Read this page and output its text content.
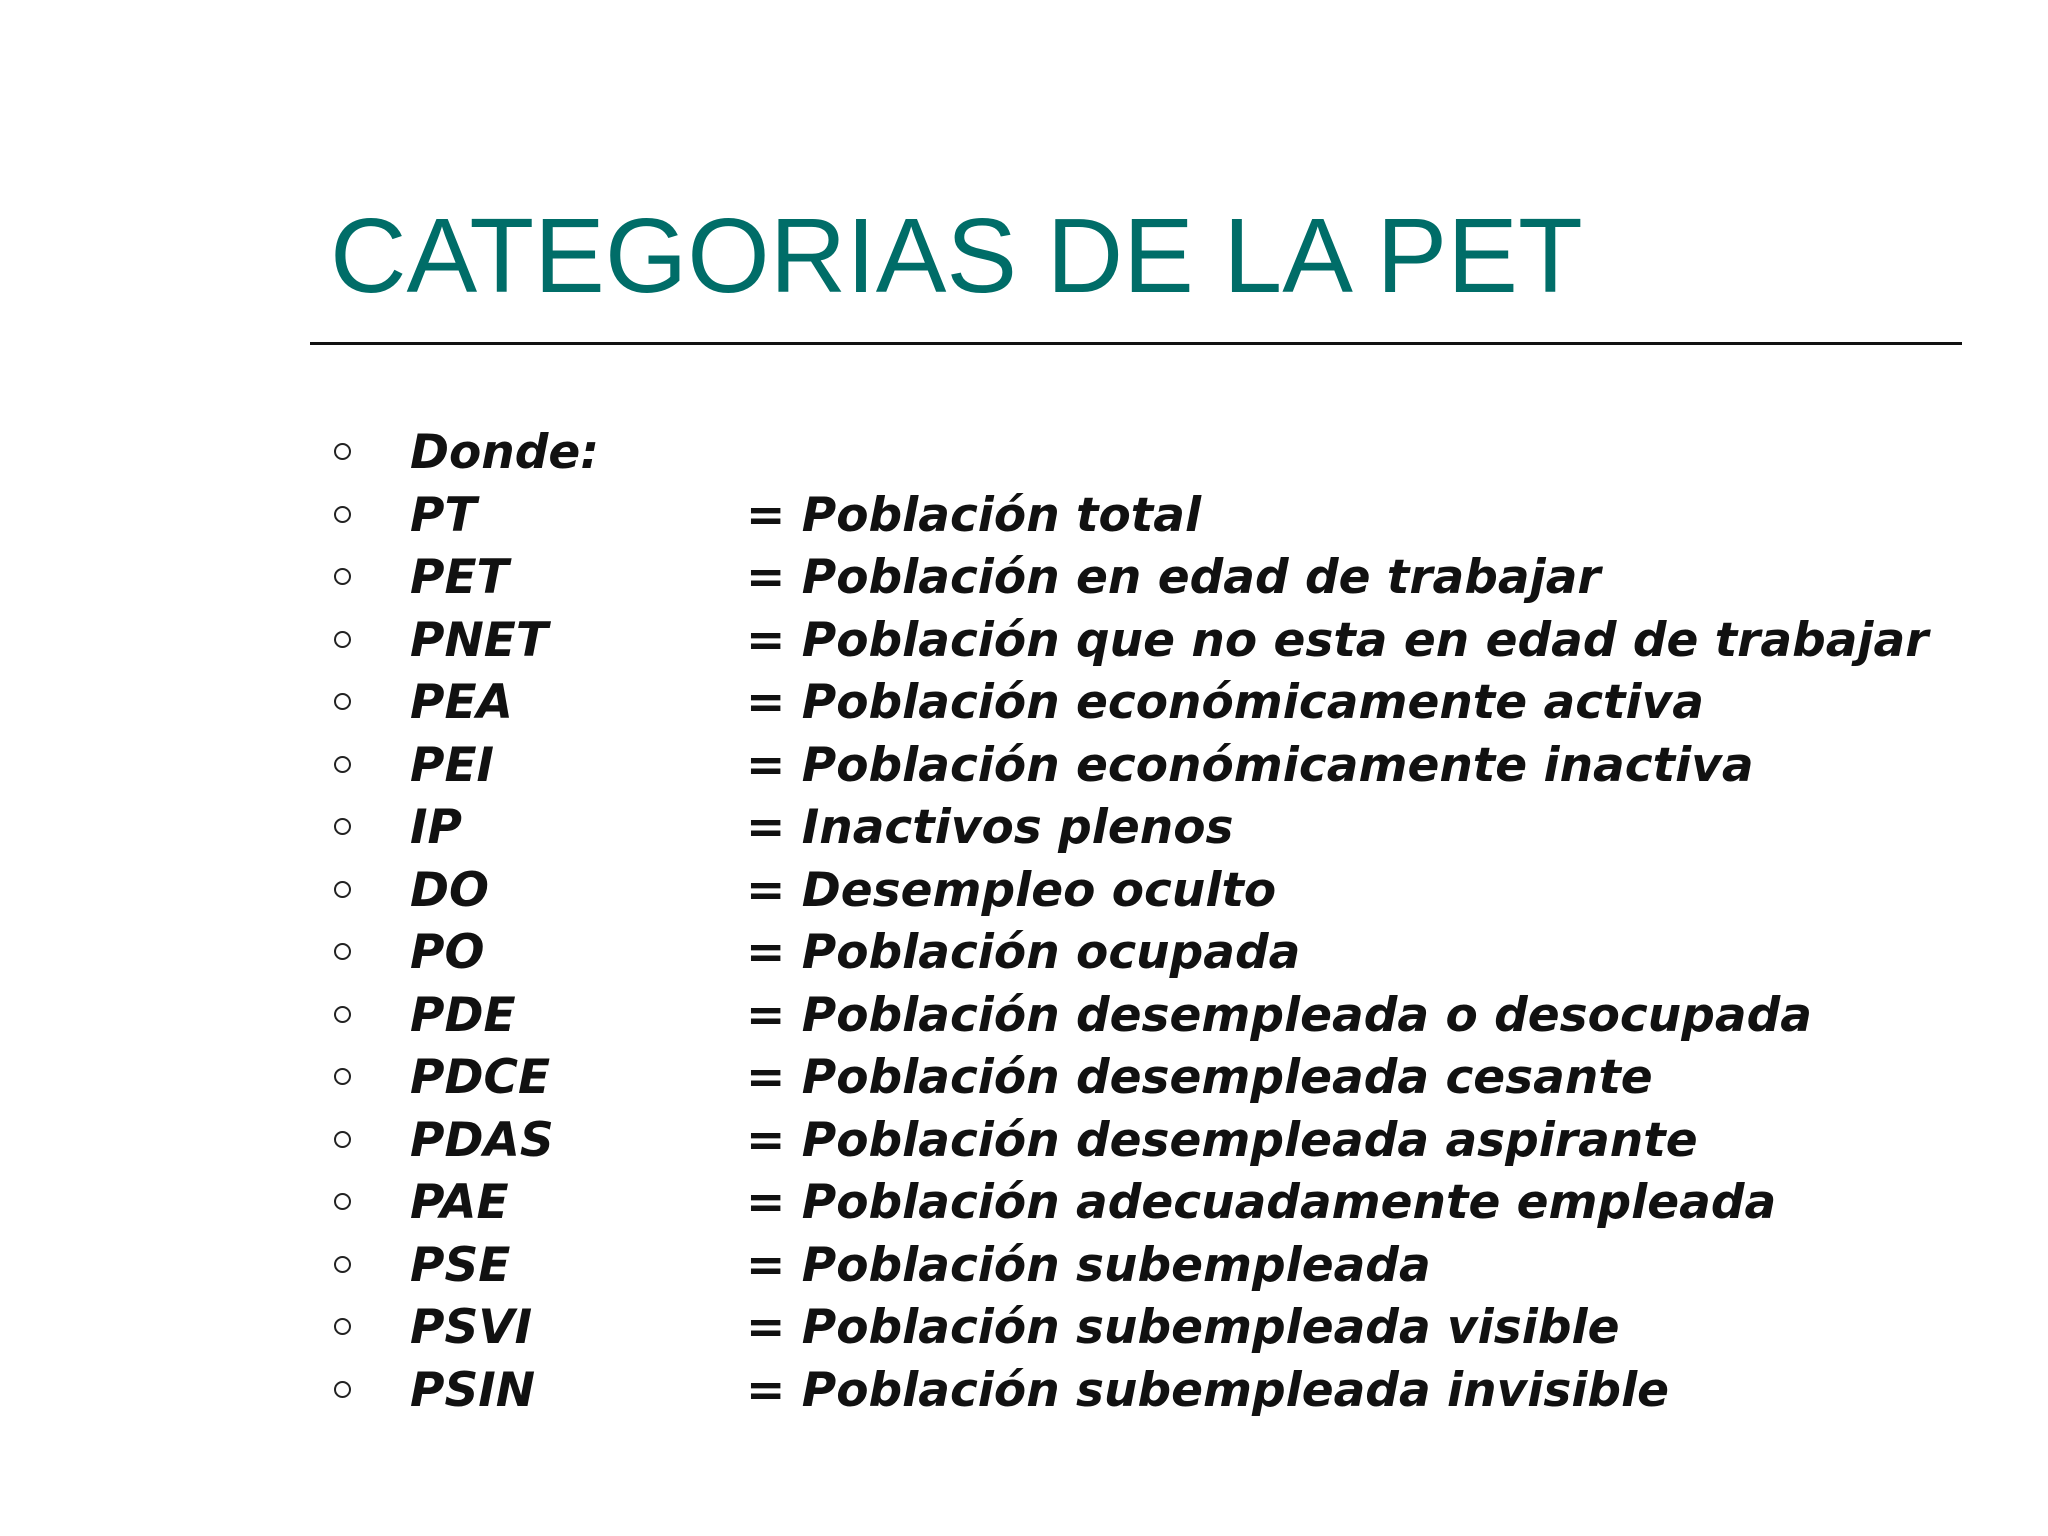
CATEGORIAS DE LA PET
Donde:
PT	= Población total
PET	= Población en edad de trabajar
PNET	= Población que no esta en edad de trabajar
PEA	= Población económicamente activa
PEI	= Población económicamente inactiva
IP	= Inactivos plenos
DO	= Desempleo oculto
PO	= Población ocupada
PDE	= Población desempleada o desocupada
PDCE	= Población desempleada cesante
PDAS	= Población desempleada aspirante
PAE	= Población adecuadamente empleada
PSE	= Población subempleada
PSVI	= Población subempleada visible
PSIN	= Población subempleada invisible
